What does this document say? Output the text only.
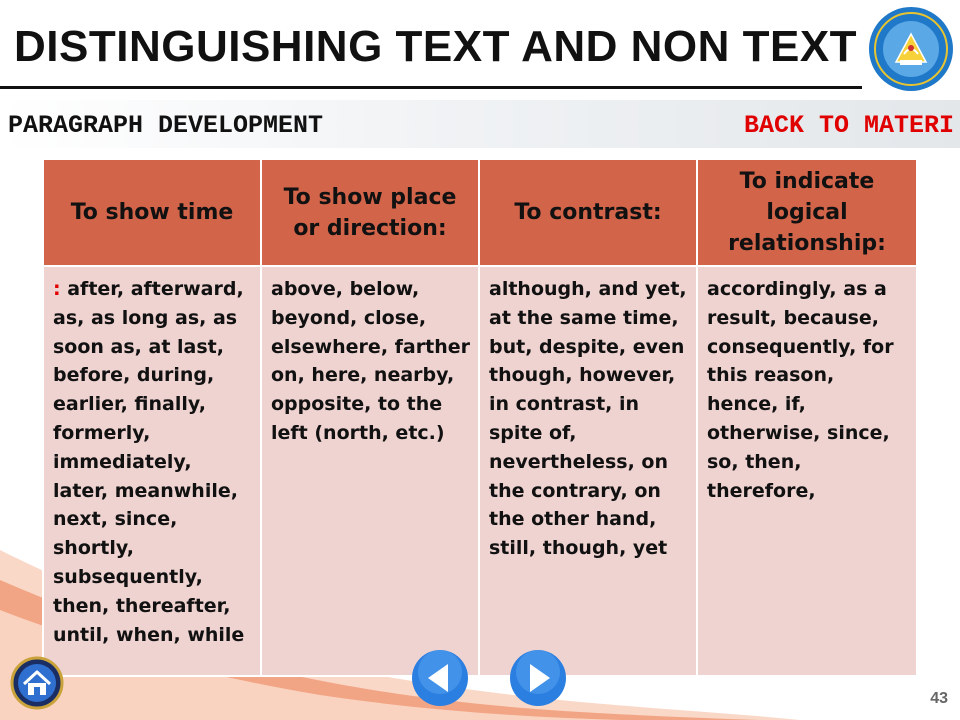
DISTINGUISHING TEXT AND NON TEXT
PARAGRAPH DEVELOPMENT	BACK TO MATERI
To show time	To show place or direction:	To contrast:	To indicate logical relationship:
: after, afterward, as, as long as, as soon as, at last, before, during, earlier, finally, formerly, immediately, later, meanwhile, next, since, shortly, subsequently, then, thereafter, until, when, while	above, below, beyond, close, elsewhere, farther on, here, nearby, opposite, to the left (north, etc.)	although, and yet, at the same time, but, despite, even though, however, in contrast, in spite of, nevertheless, on the contrary, on the other hand, still, though, yet	accordingly, as a result, because, consequently, for this reason, hence, if, otherwise, since, so, then, therefore,
43
